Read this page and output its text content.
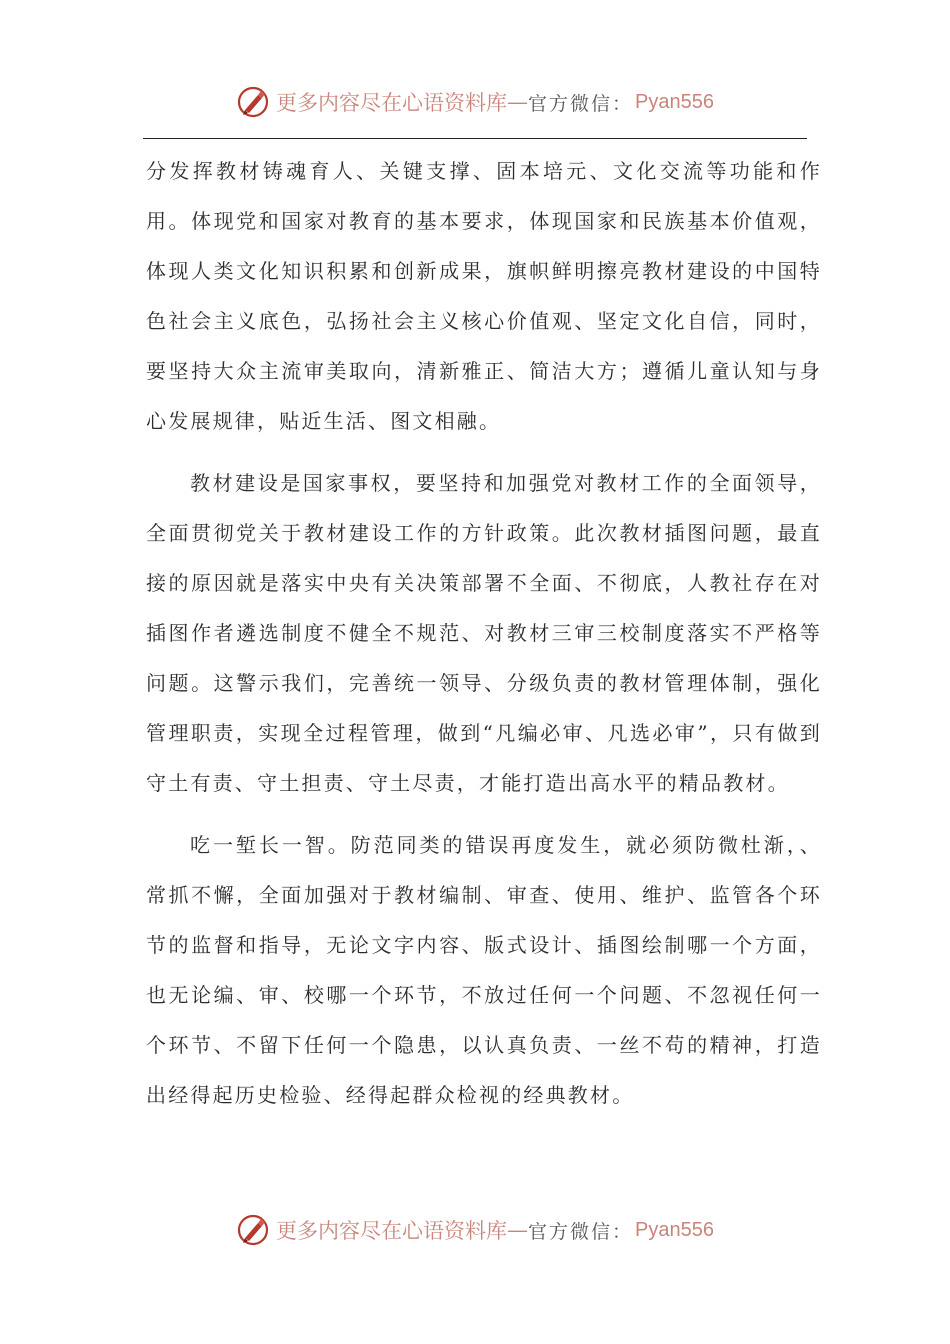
更多内容尽在心语资料库 — 官方微信： Pyan556

分发挥教材铸魂育人、关键支撑、固本培元、文化交流等功能和作用。体现党和国家对教育的基本要求，体现国家和民族基本价值观，体现人类文化知识积累和创新成果，旗帜鲜明擦亮教材建设的中国特色社会主义底色，弘扬社会主义核心价值观、坚定文化自信，同时，要坚持大众主流审美取向，清新雅正、简洁大方；遵循儿童认知与身心发展规律，贴近生活、图文相融。

教材建设是国家事权，要坚持和加强党对教材工作的全面领导，全面贯彻党关于教材建设工作的方针政策。此次教材插图问题，最直接的原因就是落实中央有关决策部署不全面、不彻底，人教社存在对插图作者遴选制度不健全不规范、对教材三审三校制度落实不严格等问题。这警示我们，完善统一领导、分级负责的教材管理体制，强化管理职责，实现全过程管理，做到“凡编必审、凡选必审”，只有做到守土有责、守土担责、守土尽责，才能打造出高水平的精品教材。

吃一堑长一智。防范同类的错误再度发生，就必须防微杜渐，、常抓不懈，全面加强对于教材编制、审查、使用、维护、监管各个环节的监督和指导，无论文字内容、版式设计、插图绘制哪一个方面，也无论编、审、校哪一个环节，不放过任何一个问题、不忽视任何一个环节、不留下任何一个隐患，以认真负责、一丝不苟的精神，打造出经得起历史检验、经得起群众检视的经典教材。

更多内容尽在心语资料库 — 官方微信： Pyan556
